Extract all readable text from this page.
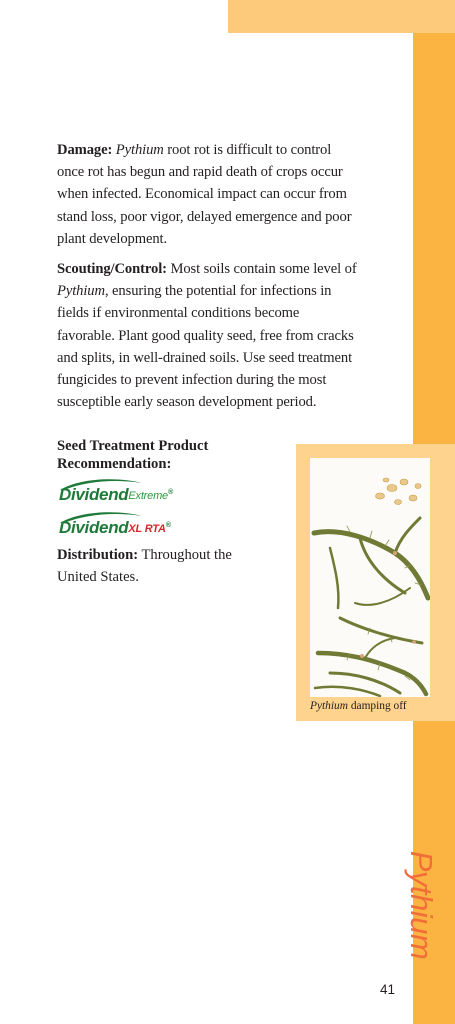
Damage: Pythium root rot is difficult to control once rot has begun and rapid death of crops occur when infected. Economical impact can occur from stand loss, poor vigor, delayed emergence and poor plant development.

Scouting/Control: Most soils contain some level of Pythium, ensuring the potential for infections in fields if environmental conditions become favorable. Plant good quality seed, free from cracks and splits, in well-drained soils. Use seed treatment fungicides to prevent infection during the most susceptible early season development period.

Seed Treatment Product Recommendation:
DividendExtreme®
DividendXL RTA®
Distribution: Throughout the United States.
Pythium damping off
Pythium
41
